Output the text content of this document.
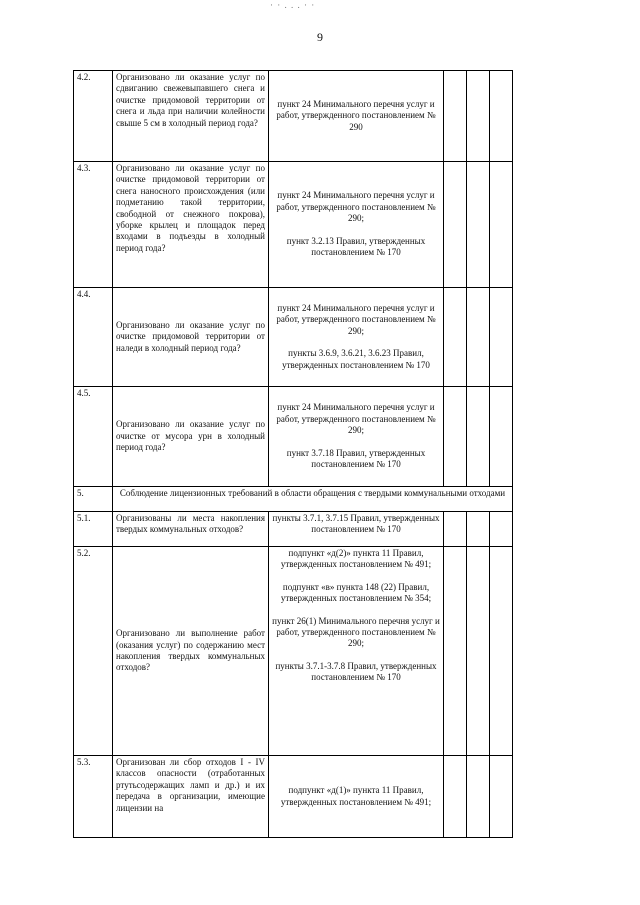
· · . . . · ·
9
4.2.	Организовано ли оказание услуг по сдвиганию свежевыпавшего снега и очистке придомовой территории от снега и льда при наличии колейности свыше 5 см в холодный период года?	пункт 24 Минимального перечня услуг и работ, утвержденного постановлением № 290			

4.3.	Организовано ли оказание услуг по очистке придомовой территории от снега наносного происхождения (или подметанию такой территории, свободной от снежного покрова), уборке крылец и площадок перед входами в подъезды в холодный период года?	пункт 24 Минимального перечня услуг и работ, утвержденного постановлением № 290;

пункт 3.2.13 Правил, утвержденных постановлением № 170			

4.4.	Организовано ли оказание услуг по очистке придомовой территории от наледи в холодный период года?	пункт 24 Минимального перечня услуг и работ, утвержденного постановлением № 290;

пункты 3.6.9, 3.6.21, 3.6.23 Правил, утвержденных постановлением № 170			

4.5.	Организовано ли оказание услуг по очистке от мусора урн в холодный период года?	пункт 24 Минимального перечня услуг и работ, утвержденного постановлением № 290;

пункт 3.7.18 Правил, утвержденных постановлением № 170			

5.	Соблюдение лицензионных требований в области обращения с твердыми коммунальными отходами				
5.1.	Организованы ли места накопления твердых коммунальных отходов?	пункты 3.7.1, 3.7.15 Правил, утвержденных постановлением № 170			

5.2.	Организовано ли выполнение работ (оказания услуг) по содержанию мест накопления твердых коммунальных отходов?	подпункт «д(2)» пункта 11 Правил, утвержденных постановлением № 491;

подпункт «в» пункта 148 (22) Правил, утвержденных постановлением № 354;

пункт 26(1) Минимального перечня услуг и работ, утвержденного постановлением № 290;

пункты 3.7.1-3.7.8 Правил, утвержденных постановлением № 170			

5.3.	Организован ли сбор отходов I - IV классов опасности (отработанных ртутьсодержащих ламп и др.) и их передача в организации, имеющие лицензии на	подпункт «д(1)» пункта 11 Правил, утвержденных постановлением № 491;			
